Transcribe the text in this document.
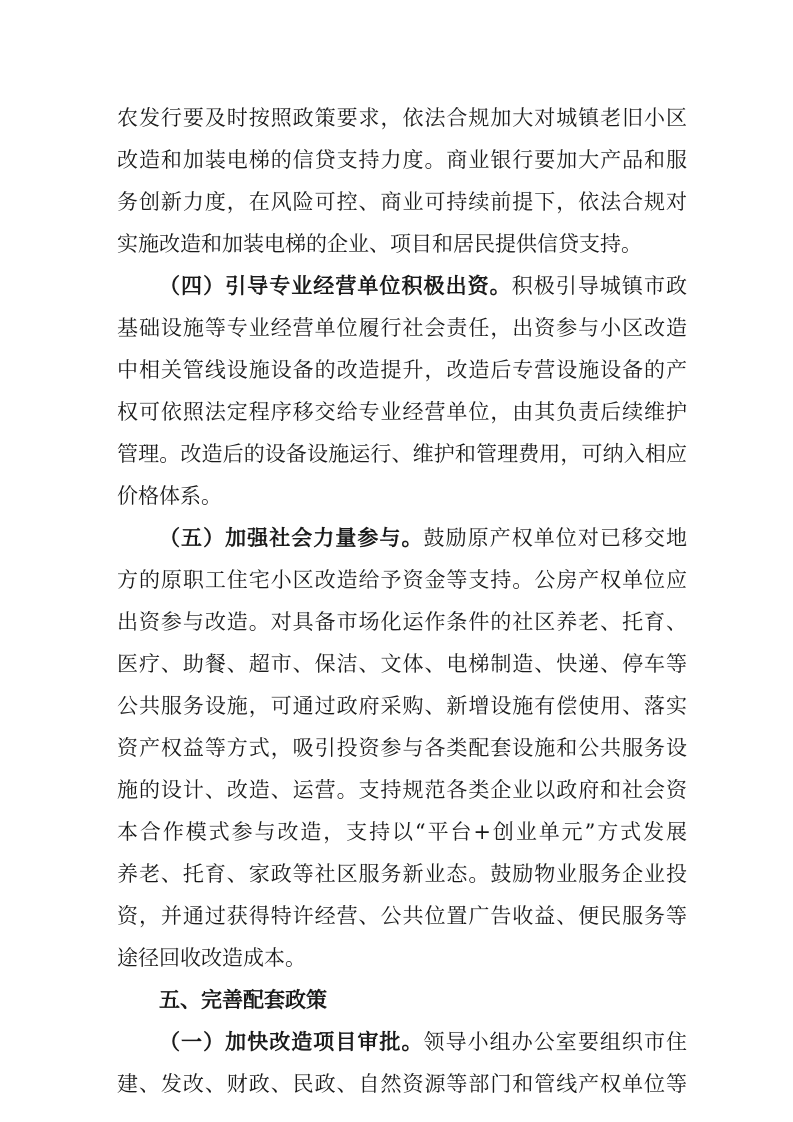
农发行要及时按照政策要求，依法合规加大对城镇老旧小区
改造和加装电梯的信贷支持力度。商业银行要加大产品和服
务创新力度，在风险可控、商业可持续前提下，依法合规对
实施改造和加装电梯的企业、项目和居民提供信贷支持。
（四）引导专业经营单位积极出资。积极引导城镇市政
基础设施等专业经营单位履行社会责任，出资参与小区改造
中相关管线设施设备的改造提升，改造后专营设施设备的产
权可依照法定程序移交给专业经营单位，由其负责后续维护
管理。改造后的设备设施运行、维护和管理费用，可纳入相应
价格体系。
（五）加强社会力量参与。鼓励原产权单位对已移交地
方的原职工住宅小区改造给予资金等支持。公房产权单位应
出资参与改造。对具备市场化运作条件的社区养老、托育、
医疗、助餐、超市、保洁、文体、电梯制造、快递、停车等
公共服务设施，可通过政府采购、新增设施有偿使用、落实
资产权益等方式，吸引投资参与各类配套设施和公共服务设
施的设计、改造、运营。支持规范各类企业以政府和社会资
本合作模式参与改造，支持以“平台+创业单元”方式发展
养老、托育、家政等社区服务新业态。鼓励物业服务企业投
资，并通过获得特许经营、公共位置广告收益、便民服务等
途径回收改造成本。
五、完善配套政策
（一）加快改造项目审批。领导小组办公室要组织市住
建、发改、财政、民政、自然资源等部门和管线产权单位等
